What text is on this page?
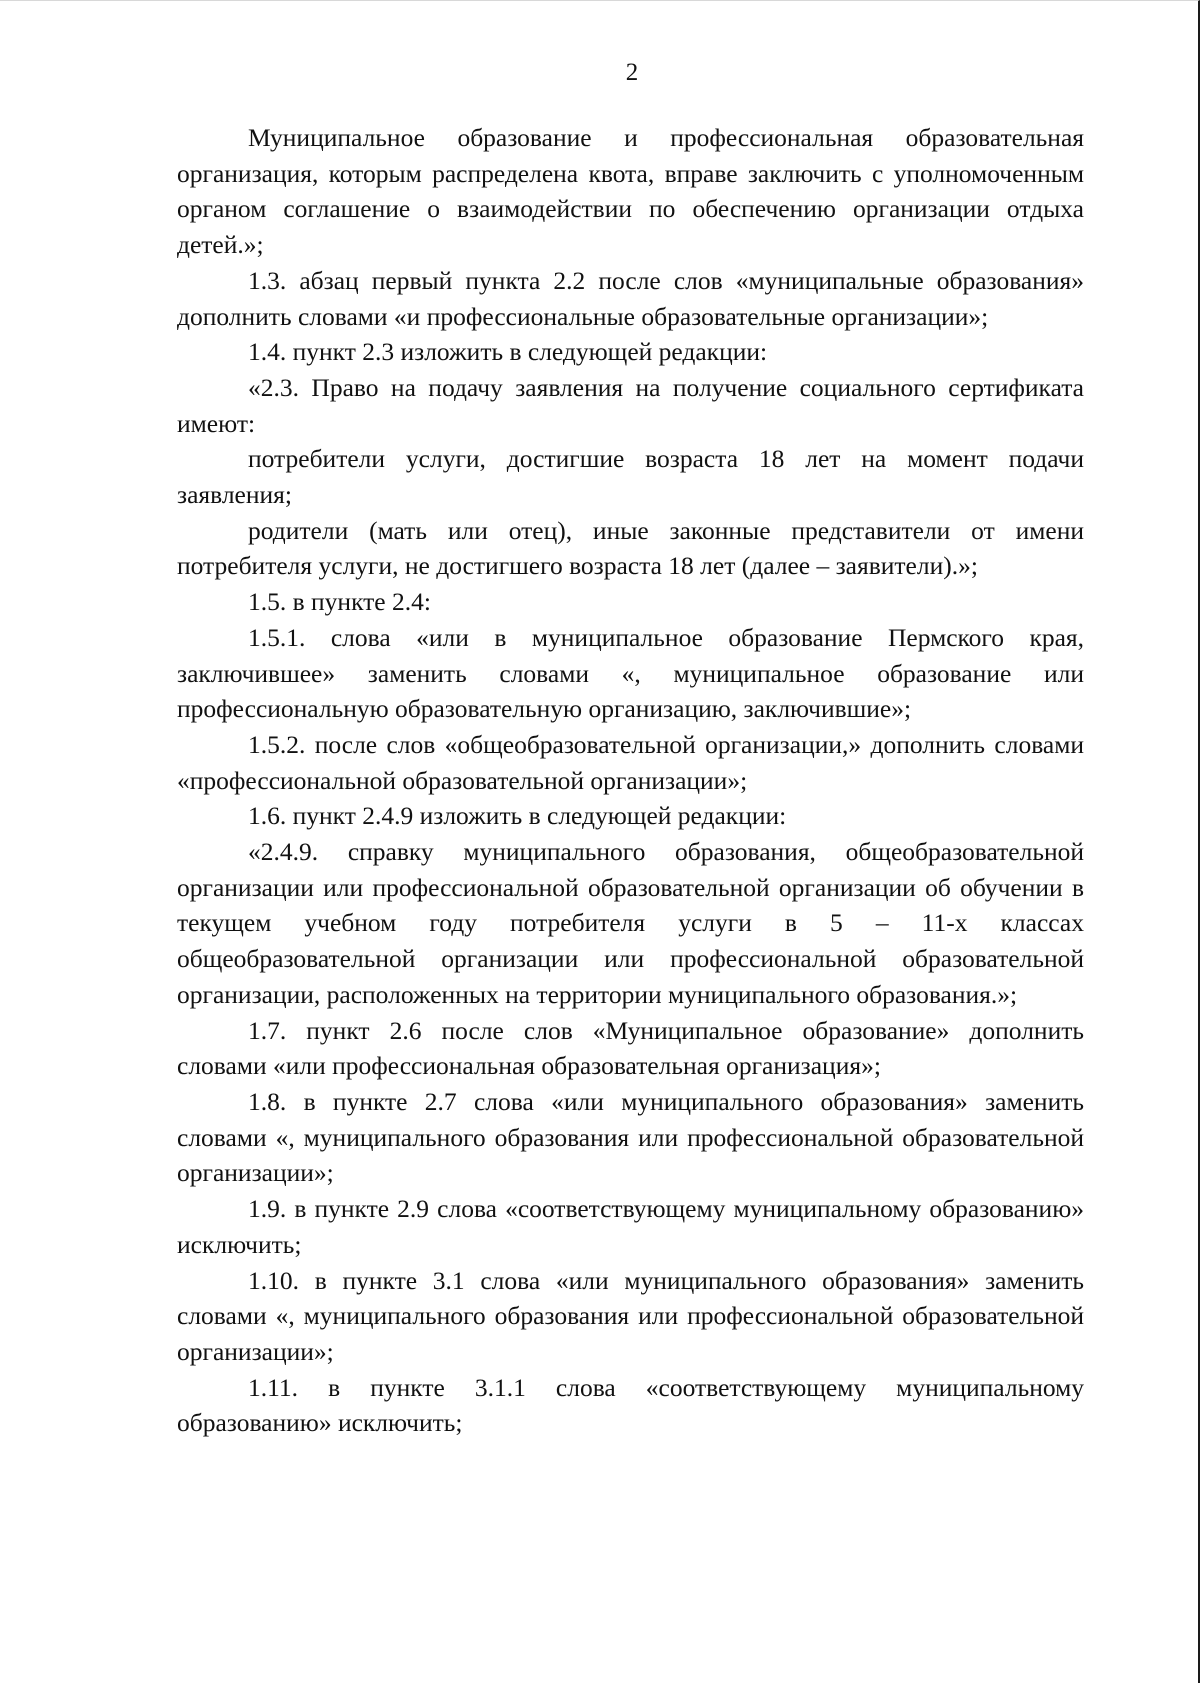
2

Муниципальное образование и профессиональная образовательная организация, которым распределена квота, вправе заключить с уполномоченным органом соглашение о взаимодействии по обеспечению организации отдыха детей.»;

1.3. абзац первый пункта 2.2 после слов «муниципальные образования» дополнить словами «и профессиональные образовательные организации»;

1.4. пункт 2.3 изложить в следующей редакции:

«2.3. Право на подачу заявления на получение социального сертификата имеют:

потребители услуги, достигшие возраста 18 лет на момент подачи заявления;

родители (мать или отец), иные законные представители от имени потребителя услуги, не достигшего возраста 18 лет (далее – заявители).»;

1.5. в пункте 2.4:

1.5.1. слова «или в муниципальное образование Пермского края, заключившее» заменить словами «, муниципальное образование или профессиональную образовательную организацию, заключившие»;

1.5.2. после слов «общеобразовательной организации,» дополнить словами «профессиональной образовательной организации»;

1.6. пункт 2.4.9 изложить в следующей редакции:

«2.4.9. справку муниципального образования, общеобразовательной организации или профессиональной образовательной организации об обучении в текущем учебном году потребителя услуги в 5 – 11-х классах общеобразовательной организации или профессиональной образовательной организации, расположенных на территории муниципального образования.»;

1.7. пункт 2.6 после слов «Муниципальное образование» дополнить словами «или профессиональная образовательная организация»;

1.8. в пункте 2.7 слова «или муниципального образования» заменить словами «, муниципального образования или профессиональной образовательной организации»;

1.9. в пункте 2.9 слова «соответствующему муниципальному образованию» исключить;

1.10. в пункте 3.1 слова «или муниципального образования» заменить словами «, муниципального образования или профессиональной образовательной организации»;

1.11. в пункте 3.1.1 слова «соответствующему муниципальному образованию» исключить;
